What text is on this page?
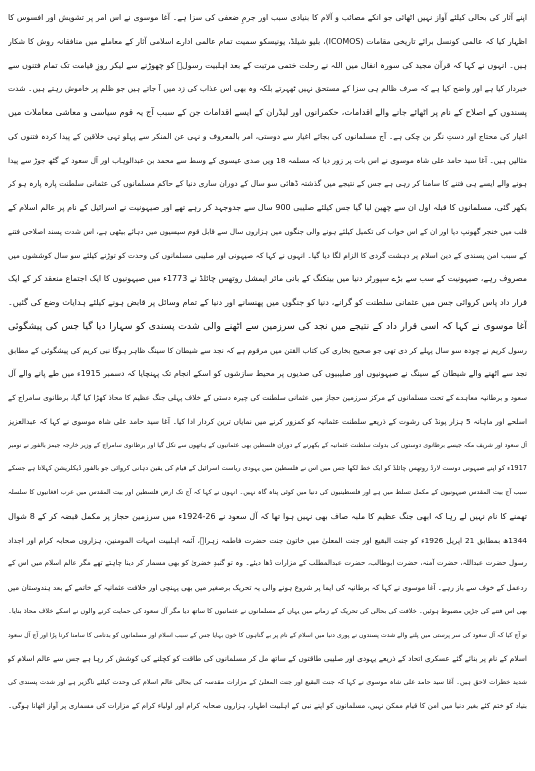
اپنے آثار کی بحالی کیلئے آواز نہیں اٹھائی جو انکے مصائب و آلام کا بنیادی سبب اور جرمِ ضعفی کی سزا ہے۔ آغا موسوی نے اس امر پر تشویش اور افسوس کا
اظہار کیا کہ عالمی کونسل برائے تاریخی مقامات (ICOMOS)، بلیو شیلڈ، یونیسکو سمیت تمام عالمی ادارے اسلامی آثار کے معاملے میں منافقانہ روش کا شکار
ہیں۔ انہوں نے کہا کہ قرآن مجید کی سورہ انفال میں اللہ نے رحلت ختمی مرتبت کے بعد اہلبیت رسولؐ کو چھوڑنے سے لیکر روزِ قیامت تک تمام فتنوں سے
خبردار کیا ہے اور واضح کیا ہے کہ صرف ظالم ہی سزا کے مستحق نہیں ٹھہرتے بلکہ وہ بھی اس عذاب کی زد میں آ جاتے ہیں جو ظلم پر خاموش رہتے ہیں۔ شدت
پسندوں کے اصلاح کے نام پر اٹھائے جانے والے اقدامات، حکمرانوں اور لیڈران کے ایسے اقدامات جن کے سبب آج یہ قوم سیاسی و معاشی معاملات میں
اغیار کی محتاج اور دستِ نگر بن چکی ہے۔ آج مسلمانوں کی بجائے اغیار سے دوستی، امر بالمعروف و نہی عن المنکر سے پہلو تہی خلاقین کے پیدا کردہ فتنوں کی
مثالیں ہیں۔ آغا سید حامد علی شاہ موسوی نے اس بات پر زور دیا کہ مسلمہ 18 ویں صدی عیسوی کے وسط سے محمد بن عبدالوہاب اور آل سعود کے گٹھ جوڑ سے پیدا
ہونے والے ایسے ہی فتنے کا سامنا کر رہی ہے جس کے نتیجے میں گذشتہ ڈھائی سو سال کے دوران ساری دنیا کے حاکم مسلمانوں کی عثمانی سلطنت پارہ پارہ ہو کر
بکھر گئی، مسلمانوں کا قبلہ اول ان سے چھین لیا گیا جس کیلئے صلیبی 900 سال سے جدوجہد کر رہے تھے اور صیہونیت نے اسرائیل کے نام پر عالم اسلام کے
قلب میں خنجر گھونپ دیا اور ان کے اس خواب کی تکمیل کیلئے ہونے والی جنگوں میں ہزاروں سال سے قابل قوم سیسیوں میں دہائے بیٹھی ہے، اس شدت پسند اصلاحی فتنے
کے سبب امن پسندی کے دین اسلام پر دہشت گردی کا الزام لگا دیا گیا۔ انہوں نے کہا کہ صیہونی اور صلیبی مسلمانوں کی وحدت کو توڑنے کیلئے سو سال کوششوں میں
مصروف رہے، صیہونیت کے سب سے بڑے سپورٹر دنیا میں بینکنگ کے بانی مائر ایمشل روتھس چائلڈ نے 1773ء میں صیہونیوں کا ایک اجتماع منعقد کر کے ایک
قرار داد پاس کروائی جس میں عثمانی سلطنت کو گرانے، دنیا کو جنگوں میں پھنسانے اور دنیا کے تمام وسائل پر قابض ہونے کیلئے ہدایات وضع کی گئیں۔
آغا موسوی نے کہا کہ اسی قرار داد کے نتیجے میں نجد کی سرزمین سے اٹھنے والی شدت پسندی کو سہارا دیا گیا جس کی پیشگوئی
رسول کریم نے چودہ سو سال پہلے کر دی تھی جو صحیح بخاری کی کتاب الفتن میں مرقوم ہے کہ نجد سے شیطان کا سینگ ظاہر ہوگا نبی کریم کی پیشگوئی کے مطابق
نجد سے اٹھنے والے شیطان کے سینگ نے صیہونیوں اور صلیبیوں کی صدیوں پر محیط سازشوں کو اسکے انجام تک پہنچایا کہ دسمبر 1915ء میں طے پانے والے آل
سعود و برطانیہ معاہدے کے تحت مسلمانوں کے مرکز سرزمین حجاز میں عثمانی سلطنت کی چیرہ دستی کے خلاف پہلی جنگ عظیم کا محاذ کھڑا کیا گیا، برطانوی سامراج کے
اسلحے اور ماہانہ 5 ہزار پونڈ کی رشوت کے ذریعے سلطنت عثمانیہ کو کمزور کرنے میں نمایاں ترین کردار ادا کیا۔ آغا سید حامد علی شاہ موسوی نے کہا کہ عبدالعزیز
آل سعود اور شریف مکہ جیسے برطانوی دوستوں کی بدولت سلطنت عثمانیہ کے بکھرنے کے دوران فلسطین بھی عثمانیوں کے ہاتھوں سے نکل گیا اور برطانوی سامراج کے وزیر خارجہ جیمز بالفور نے نومبر
1917ء کو اپنے صیہونی دوست لارڈ روتھس چائلڈ کو ایک خط لکھا جس میں اس نے فلسطین میں یہودی ریاست اسرائیل کے قیام کی یقین دہانی کروائی جو بالفور ڈیکلریشن کہلاتا ہے جسکے
سبب آج بیت المقدس صیہونیوں کے مکمل تسلط میں ہے اور فلسطینیوں کی دنیا میں کوئی پناہ گاہ نہیں۔ انہوں نے کہا کہ آج تک ارض فلسطین اور بیت المقدس میں عرب افغانیوں کا سلسلہ
تھمنے کا نام نہیں لے رہا کہ ابھی جنگ عظیم کا ملبہ صاف بھی نہیں ہوا تھا کہ آل سعود نے 26-1924ء میں سرزمین حجاز پر مکمل قبضہ کر کے 8 شوال
1344ھ بمطابق 21 اپریل 1926ء کو جنت البقیع اور جنت المعلیٰ میں خاتون جنت حضرت فاطمہ زہراؑ، آئمہ اہلبیت امہات المومنین، ہزاروں صحابہ کرام اور اجداد
رسول حضرت عبداللہ، حضرت آمنہ، حضرت ابوطالب، حضرت عبدالمطلب کے مزارات ڈھا دیئے۔ وہ تو گنبدِ خضریٰ کو بھی مسمار کر دینا چاہتے تھے مگر عالم اسلام میں اس کے
ردعمل کے خوف سے باز رہے۔ آغا موسوی نے کہا کہ برطانیہ کی ایما پر شروع ہونے والی یہ تحریک برصغیر میں بھی پہنچی اور خلافت عثمانیہ کے خاتمے کے بعد ہندوستان میں
بھی اس فتنے کی جڑیں مضبوط ہوئیں۔ خلافت کی بحالی کی تحریک کے زمانے میں یہاں کے مسلمانوں نے عثمانیوں کا ساتھ دیا مگر آل سعود کی حمایت کرنے والوں نے اسکے خلاف محاذ بنایا۔
تو آج کیا کہ آل سعود کی سر پرستی میں پلنے والے شدت پسندوں نے پوری دنیا میں اسلام کے نام پر بے گناہوں کا خون بہایا جس کے سبب اسلام اور مسلمانوں کو بدنامی کا سامنا کرنا پڑا اور آج آل سعود
اسلام کے نام پر بنائے گئے عسکری اتحاد کے ذریعے یہودی اور صلیبی طاقتوں کے ساتھ مل کر مسلمانوں کی طاقت کو کچلنے کی کوشش کر رہا ہے جس سے عالم اسلام کو
شدید خطرات لاحق ہیں۔ آغا سید حامد علی شاہ موسوی نے کہا کہ جنت البقیع اور جنت المعلیٰ کے مزارات مقدسہ کی بحالی عالم اسلام کی وحدت کیلئے ناگزیر ہے اور شدت پسندی کی
بنیاد کو ختم کئے بغیر دنیا میں امن کا قیام ممکن نہیں، مسلمانوں کو اپنے نبی کے اہلبیت اطہار، ہزاروں صحابہ کرام اور اولیاء کرام کے مزارات کی مسماری پر آواز اٹھانا ہوگی۔
